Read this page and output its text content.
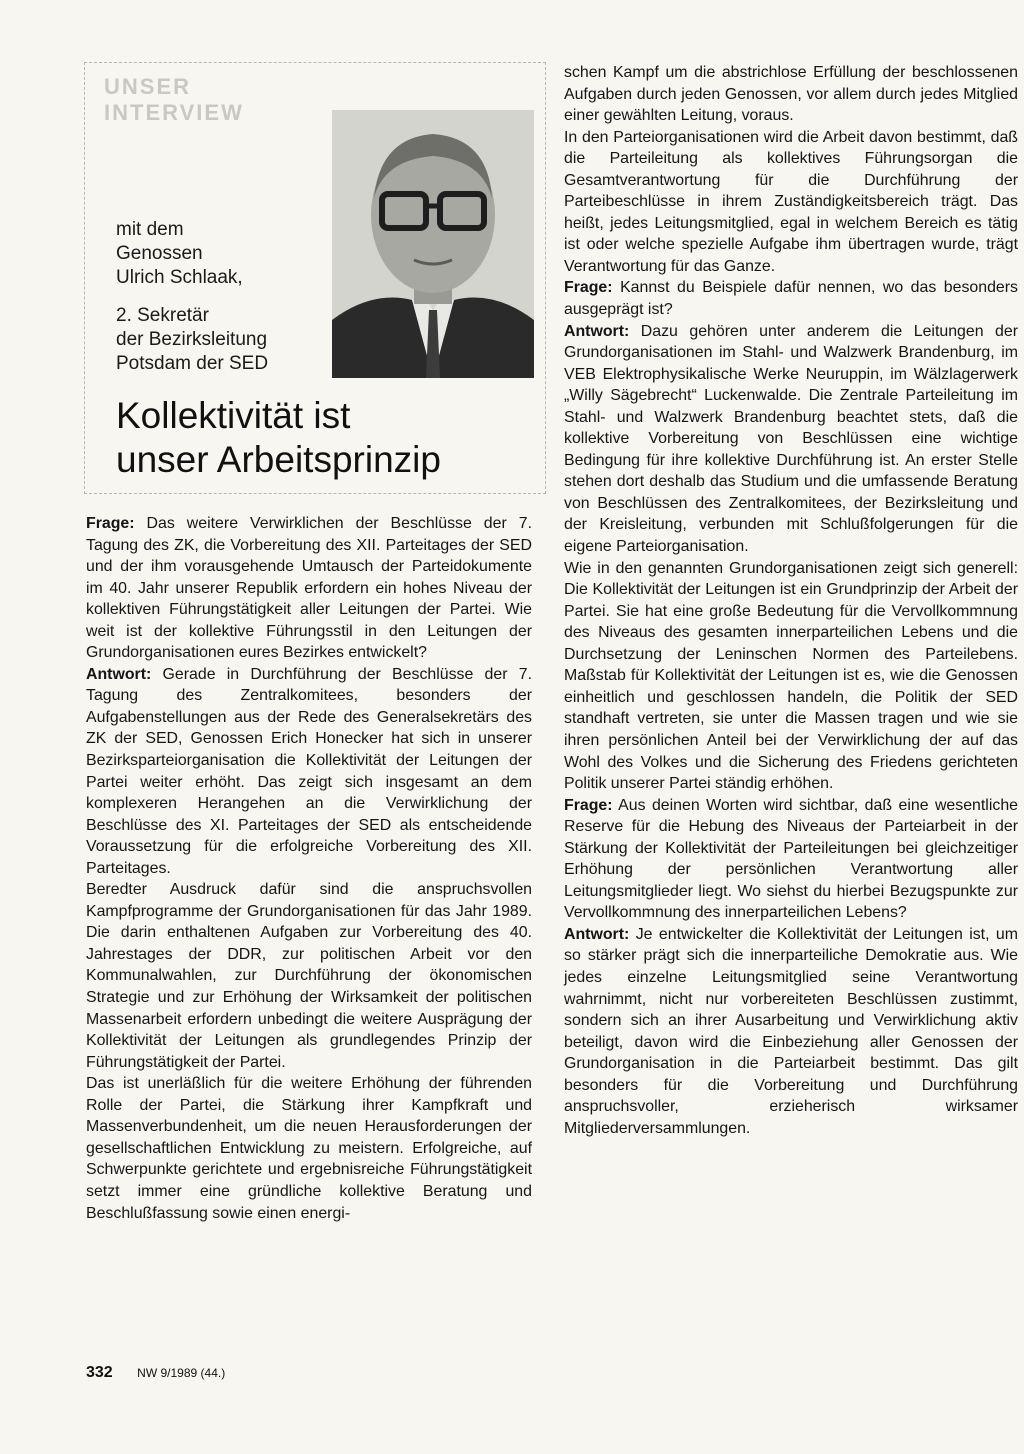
UNSER
INTERVIEW
mit dem
Genossen
Ulrich Schlaak,
2. Sekretär
der Bezirksleitung
Potsdam der SED
Kollektivität ist
unser Arbeitsprinzip

Frage: Das weitere Verwirklichen der Beschlüsse der 7. Tagung des ZK, die Vorbereitung des XII. Parteitages der SED und der ihm vorausgehende Umtausch der Parteidokumente im 40. Jahr unserer Republik erfordern ein hohes Niveau der kollektiven Führungstätigkeit aller Leitungen der Partei. Wie weit ist der kollektive Führungsstil in den Leitungen der Grundorganisationen eures Bezirkes entwickelt?

Antwort: Gerade in Durchführung der Beschlüsse der 7. Tagung des Zentralkomitees, besonders der Aufgabenstellungen aus der Rede des Generalsekretärs des ZK der SED, Genossen Erich Honecker hat sich in unserer Bezirksparteiorganisation die Kollektivität der Leitungen der Partei weiter erhöht. Das zeigt sich insgesamt an dem komplexeren Herangehen an die Verwirklichung der Beschlüsse des XI. Parteitages der SED als entscheidende Voraussetzung für die erfolgreiche Vorbereitung des XII. Parteitages.

Beredter Ausdruck dafür sind die anspruchsvollen Kampfprogramme der Grundorganisationen für das Jahr 1989. Die darin enthaltenen Aufgaben zur Vorbereitung des 40. Jahrestages der DDR, zur politischen Arbeit vor den Kommunalwahlen, zur Durchführung der ökonomischen Strategie und zur Erhöhung der Wirksamkeit der politischen Massenarbeit erfordern unbedingt die weitere Ausprägung der Kollektivität der Leitungen als grundlegendes Prinzip der Führungstätigkeit der Partei.

Das ist unerläßlich für die weitere Erhöhung der führenden Rolle der Partei, die Stärkung ihrer Kampfkraft und Massenverbundenheit, um die neuen Herausforderungen der gesellschaftlichen Entwicklung zu meistern. Erfolgreiche, auf Schwerpunkte gerichtete und ergebnisreiche Führungstätigkeit setzt immer eine gründliche kollektive Beratung und Beschlußfassung sowie einen energi-

schen Kampf um die abstrichlose Erfüllung der beschlossenen Aufgaben durch jeden Genossen, vor allem durch jedes Mitglied einer gewählten Leitung, voraus.

In den Parteiorganisationen wird die Arbeit davon bestimmt, daß die Parteileitung als kollektives Führungsorgan die Gesamtverantwortung für die Durchführung der Parteibeschlüsse in ihrem Zuständigkeitsbereich trägt. Das heißt, jedes Leitungsmitglied, egal in welchem Bereich es tätig ist oder welche spezielle Aufgabe ihm übertragen wurde, trägt Verantwortung für das Ganze.

Frage: Kannst du Beispiele dafür nennen, wo das besonders ausgeprägt ist?

Antwort: Dazu gehören unter anderem die Leitungen der Grundorganisationen im Stahl- und Walzwerk Brandenburg, im VEB Elektrophysikalische Werke Neuruppin, im Wälzlagerwerk „Willy Sägebrecht“ Luckenwalde. Die Zentrale Parteileitung im Stahl- und Walzwerk Brandenburg beachtet stets, daß die kollektive Vorbereitung von Beschlüssen eine wichtige Bedingung für ihre kollektive Durchführung ist. An erster Stelle stehen dort deshalb das Studium und die umfassende Beratung von Beschlüssen des Zentralkomitees, der Bezirksleitung und der Kreisleitung, verbunden mit Schlußfolgerungen für die eigene Parteiorganisation.

Wie in den genannten Grundorganisationen zeigt sich generell: Die Kollektivität der Leitungen ist ein Grundprinzip der Arbeit der Partei. Sie hat eine große Bedeutung für die Vervollkommnung des Niveaus des gesamten innerparteilichen Lebens und die Durchsetzung der Leninschen Normen des Parteilebens. Maßstab für Kollektivität der Leitungen ist es, wie die Genossen einheitlich und geschlossen handeln, die Politik der SED standhaft vertreten, sie unter die Massen tragen und wie sie ihren persönlichen Anteil bei der Verwirklichung der auf das Wohl des Volkes und die Sicherung des Friedens gerichteten Politik unserer Partei ständig erhöhen.

Frage: Aus deinen Worten wird sichtbar, daß eine wesentliche Reserve für die Hebung des Niveaus der Parteiarbeit in der Stärkung der Kollektivität der Parteileitungen bei gleichzeitiger Erhöhung der persönlichen Verantwortung aller Leitungsmitglieder liegt. Wo siehst du hierbei Bezugspunkte zur Vervollkommnung des innerparteilichen Lebens?

Antwort: Je entwickelter die Kollektivität der Leitungen ist, um so stärker prägt sich die innerparteiliche Demokratie aus. Wie jedes einzelne Leitungsmitglied seine Verantwortung wahrnimmt, nicht nur vorbereiteten Beschlüssen zustimmt, sondern sich an ihrer Ausarbeitung und Verwirklichung aktiv beteiligt, davon wird die Einbeziehung aller Genossen der Grundorganisation in die Parteiarbeit bestimmt. Das gilt besonders für die Vorbereitung und Durchführung anspruchsvoller, erzieherisch wirksamer Mitgliederversammlungen.

332 NW 9/1989 (44.)
